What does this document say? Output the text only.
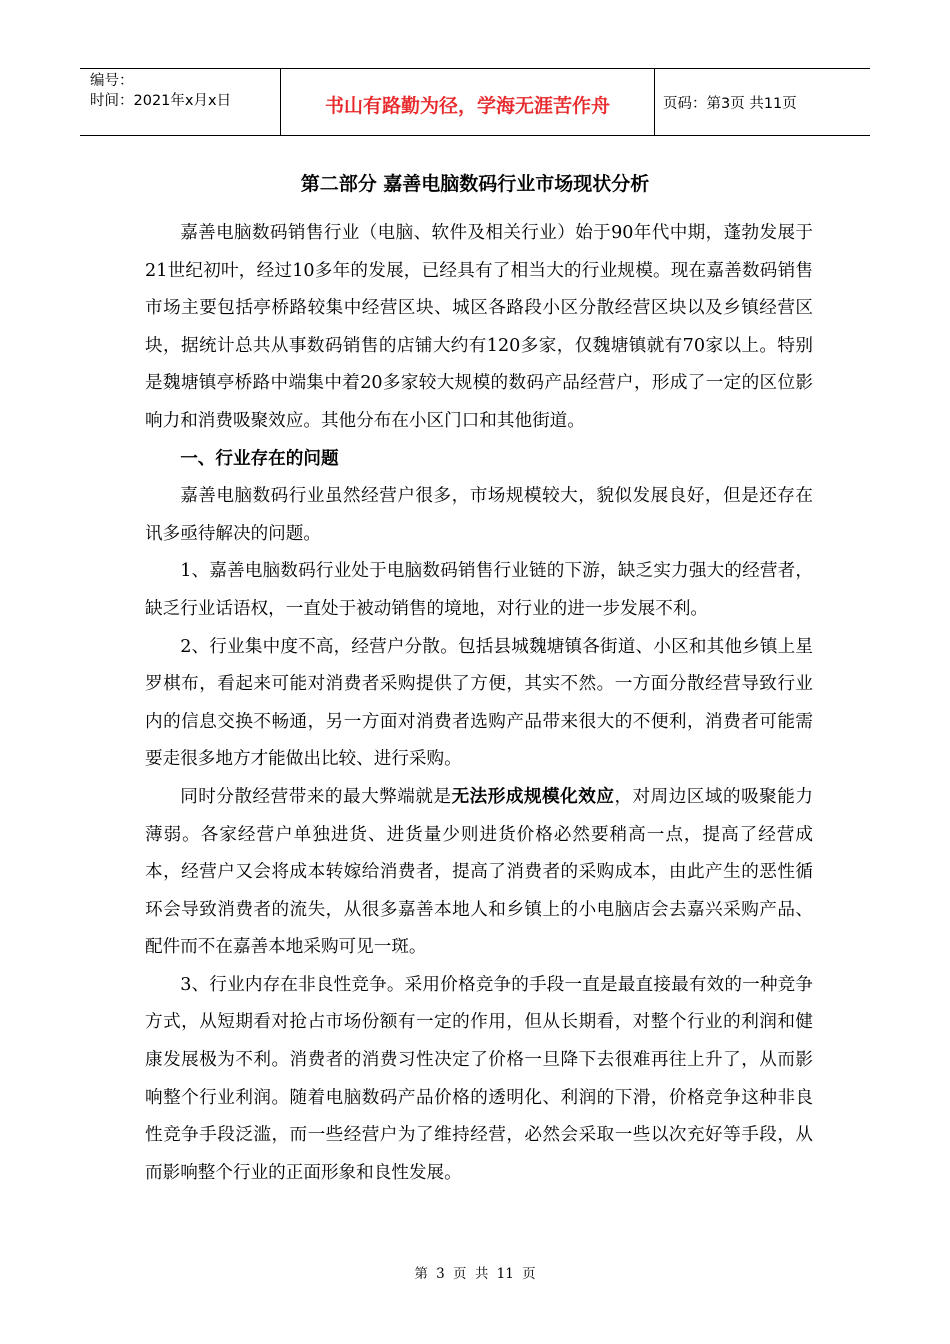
编号：
时间：2021年x月x日	书山有路勤为径，学海无涯苦作舟	页码：第3页 共11页
第二部分 嘉善电脑数码行业市场现状分析

嘉善电脑数码销售行业（电脑、软件及相关行业）始于90年代中期，蓬勃发展于21世纪初叶，经过10多年的发展，已经具有了相当大的行业规模。现在嘉善数码销售市场主要包括亭桥路较集中经营区块、城区各路段小区分散经营区块以及乡镇经营区块，据统计总共从事数码销售的店铺大约有120多家，仅魏塘镇就有70家以上。特别是魏塘镇亭桥路中端集中着20多家较大规模的数码产品经营户，形成了一定的区位影响力和消费吸聚效应。其他分布在小区门口和其他街道。

一、行业存在的问题

嘉善电脑数码行业虽然经营户很多，市场规模较大，貌似发展良好，但是还存在讯多亟待解决的问题。

1、嘉善电脑数码行业处于电脑数码销售行业链的下游，缺乏实力强大的经营者，缺乏行业话语权，一直处于被动销售的境地，对行业的进一步发展不利。

2、行业集中度不高，经营户分散。包括县城魏塘镇各街道、小区和其他乡镇上星罗棋布，看起来可能对消费者采购提供了方便，其实不然。一方面分散经营导致行业内的信息交换不畅通，另一方面对消费者选购产品带来很大的不便利，消费者可能需要走很多地方才能做出比较、进行采购。

同时分散经营带来的最大弊端就是无法形成规模化效应，对周边区域的吸聚能力薄弱。各家经营户单独进货、进货量少则进货价格必然要稍高一点，提高了经营成本，经营户又会将成本转嫁给消费者，提高了消费者的采购成本，由此产生的恶性循环会导致消费者的流失，从很多嘉善本地人和乡镇上的小电脑店会去嘉兴采购产品、配件而不在嘉善本地采购可见一斑。

3、行业内存在非良性竞争。采用价格竞争的手段一直是最直接最有效的一种竞争方式，从短期看对抢占市场份额有一定的作用，但从长期看，对整个行业的利润和健康发展极为不利。消费者的消费习性决定了价格一旦降下去很难再往上升了，从而影响整个行业利润。随着电脑数码产品价格的透明化、利润的下滑，价格竞争这种非良性竞争手段泛滥，而一些经营户为了维持经营，必然会采取一些以次充好等手段，从而影响整个行业的正面形象和良性发展。

第 3 页 共 11 页
